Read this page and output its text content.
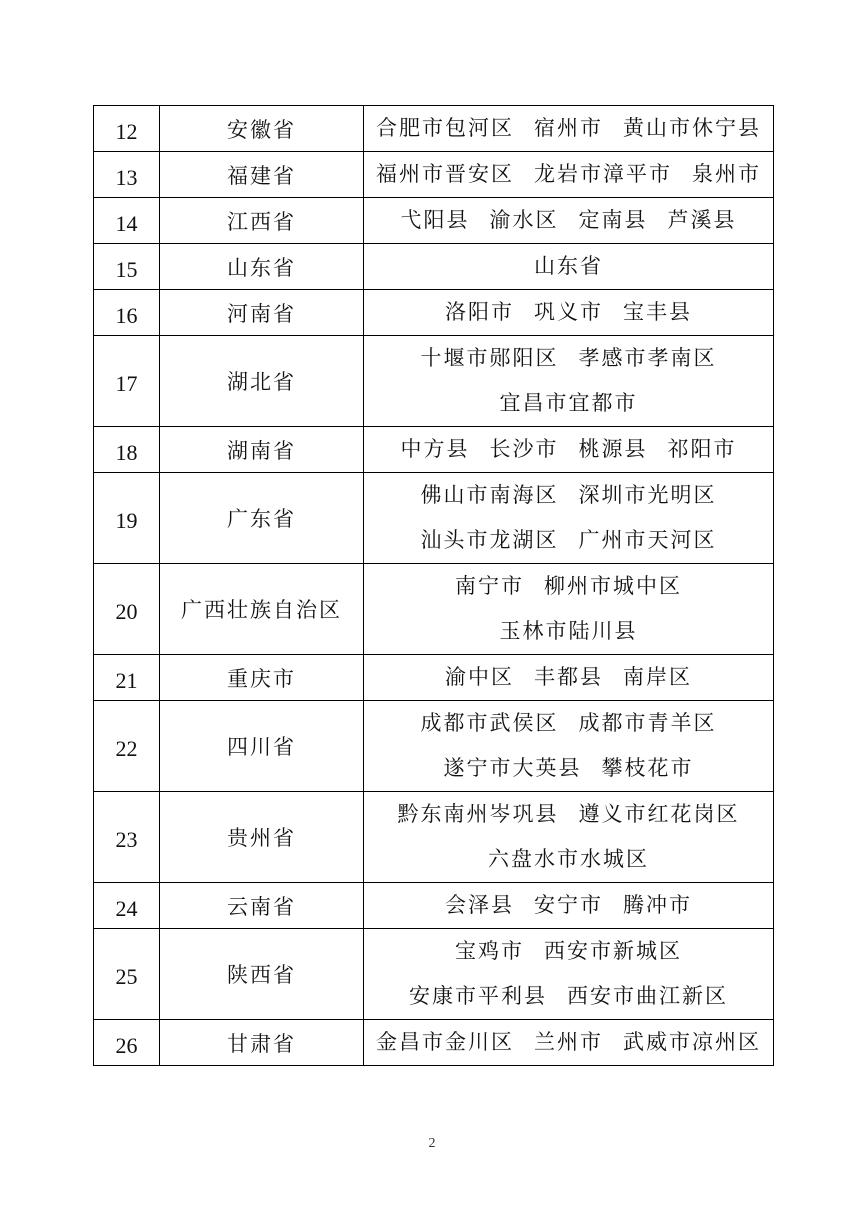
12	安徽省	合肥市包河区 宿州市 黄山市休宁县

13	福建省	福州市晋安区 龙岩市漳平市 泉州市

14	江西省	弋阳县 渝水区 定南县 芦溪县

15	山东省	山东省

16	河南省	洛阳市 巩义市 宝丰县

17	湖北省	十堰市郧阳区 孝感市孝南区
宜昌市宜都市

18	湖南省	中方县 长沙市 桃源县 祁阳市

19	广东省	佛山市南海区 深圳市光明区
汕头市龙湖区 广州市天河区

20	广西壮族自治区	南宁市 柳州市城中区
玉林市陆川县

21	重庆市	渝中区 丰都县 南岸区

22	四川省	成都市武侯区 成都市青羊区
遂宁市大英县 攀枝花市

23	贵州省	黔东南州岑巩县 遵义市红花岗区
六盘水市水城区

24	云南省	会泽县 安宁市 腾冲市

25	陕西省	宝鸡市 西安市新城区
安康市平利县 西安市曲江新区

26	甘肃省	金昌市金川区 兰州市 武威市凉州区
2
